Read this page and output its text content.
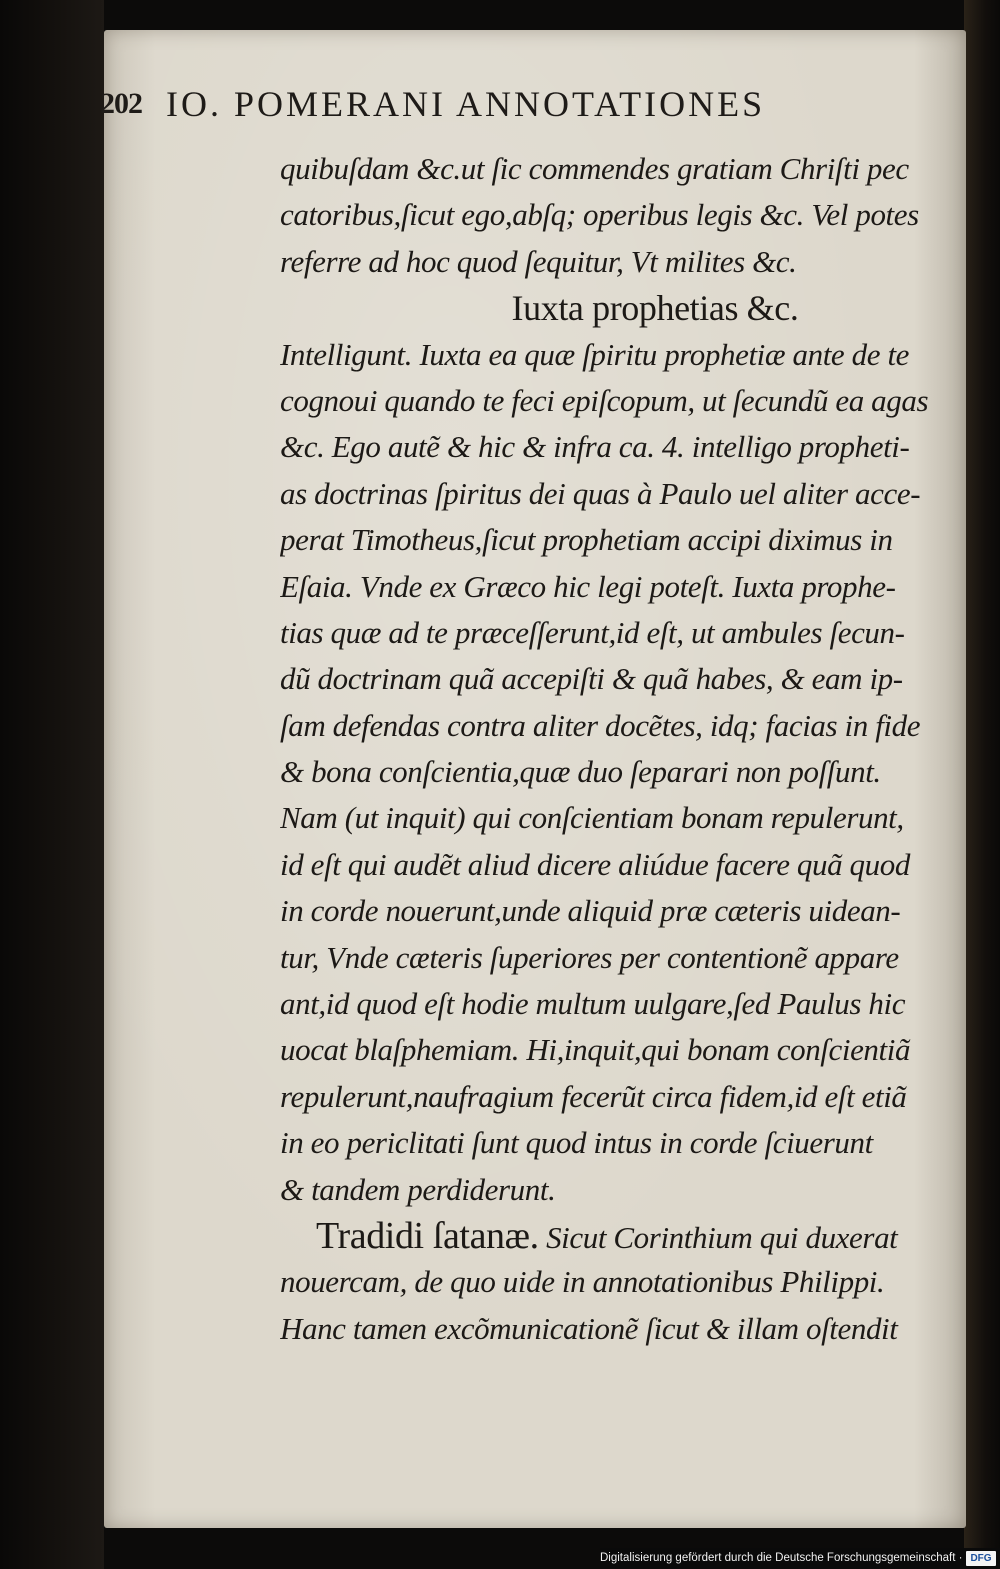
202 IO. POMERANI ANNOTATIONES
quibuſdam &c.ut ſic commendes gratiam Chriſti pec
catoribus,ſicut ego,abſq; operibus legis &c. Vel potes
referre ad hoc quod ſequitur, Vt milites &c.
Iuxta prophetias &c.
Intelligunt. Iuxta ea quæ ſpiritu prophetiæ ante de te
cognoui quando te feci epiſcopum, ut ſecundũ ea agas
&c. Ego autẽ & hic & infra ca. 4. intelligo propheti-
as doctrinas ſpiritus dei quas à Paulo uel aliter acce-
perat Timotheus,ſicut prophetiam accipi diximus in
Eſaia. Vnde ex Græco hic legi poteſt. Iuxta prophe-
tias quæ ad te præceſſerunt,id eſt, ut ambules ſecun-
dũ doctrinam quã accepiſti & quã habes, & eam ip-
ſam defendas contra aliter docẽtes, idq; facias in fide
& bona conſcientia,quæ duo ſeparari non poſſunt.
Nam (ut inquit) qui conſcientiam bonam repulerunt,
id eſt qui audẽt aliud dicere aliúdue facere quã quod
in corde nouerunt,unde aliquid præ cæteris uidean-
tur, Vnde cæteris ſuperiores per contentionẽ appare
ant,id quod eſt hodie multum uulgare,ſed Paulus hic
uocat blaſphemiam. Hi,inquit,qui bonam conſcientiã
repulerunt,naufragium fecerũt circa fidem,id eſt etiã
in eo periclitati ſunt quod intus in corde ſciuerunt
& tandem perdiderunt.
Tradidi ſatanæ. Sicut Corinthium qui duxerat
nouercam, de quo uide in annotationibus Philippi.
Hanc tamen excõmunicationẽ ſicut & illam oſtendit
Digitalisierung gefördert durch die Deutsche Forschungsgemeinschaft · DFG
